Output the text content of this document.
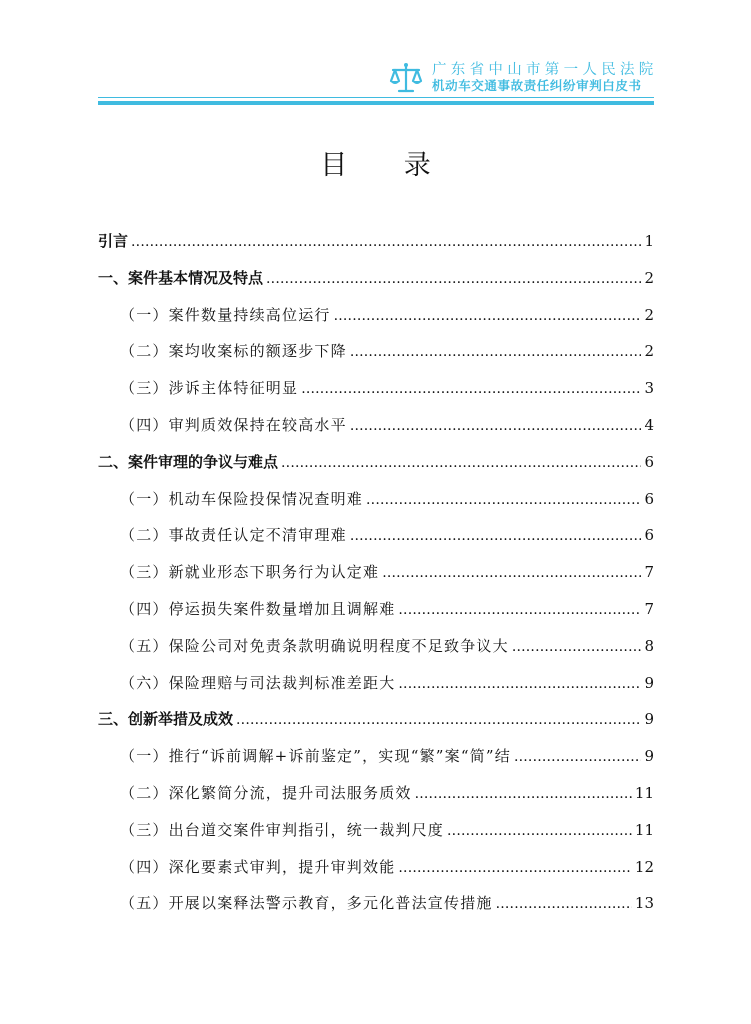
广东省中山市第一人民法院
机动车交通事故责任纠纷审判白皮书
目 录
引言 .....	1
一、案件基本情况及特点 .....	2
（一）案件数量持续高位运行 .....	2
（二）案均收案标的额逐步下降 .....	2
（三）涉诉主体特征明显 .....	3
（四）审判质效保持在较高水平 .....	4
二、案件审理的争议与难点 .....	6
（一）机动车保险投保情况查明难 .....	6
（二）事故责任认定不清审理难 .....	6
（三）新就业形态下职务行为认定难 .....	7
（四）停运损失案件数量增加且调解难 .....	7
（五）保险公司对免责条款明确说明程度不足致争议大 .....	8
（六）保险理赔与司法裁判标准差距大 .....	9
三、创新举措及成效 .....	9
（一）推行“诉前调解+诉前鉴定”，实现“繁”案“简”结 .....	9
（二）深化繁简分流，提升司法服务质效 .....	11
（三）出台道交案件审判指引，统一裁判尺度 .....	11
（四）深化要素式审判，提升审判效能 .....	12
（五）开展以案释法警示教育，多元化普法宣传措施 .....	13
